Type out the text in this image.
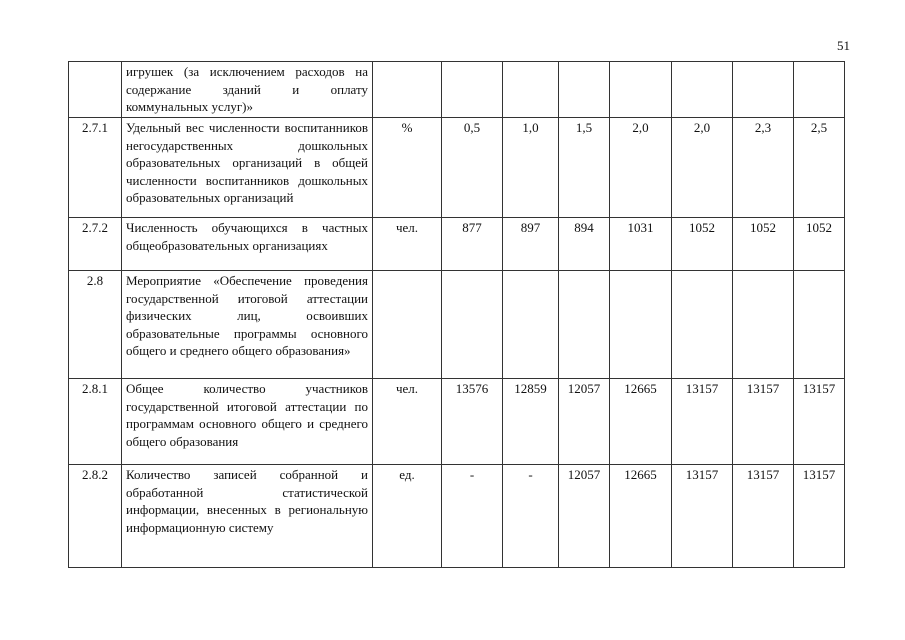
51
	игрушек (за исключением расходов на содержание зданий и оплату коммунальных услуг)»								
2.7.1	Удельный вес численности воспитанников негосударственных дошкольных образовательных организаций в общей численности воспитанников дошкольных образовательных организаций	%	0,5	1,0	1,5	2,0	2,0	2,3	2,5
2.7.2	Численность обучающихся в частных общеобразовательных организациях	чел.	877	897	894	1031	1052	1052	1052
2.8	Мероприятие «Обеспечение проведения государственной итоговой аттестации физических лиц, освоивших образовательные программы основного общего и среднего общего образования»								
2.8.1	Общее количество участников государственной итоговой аттестации по программам основного общего и среднего общего образования	чел.	13576	12859	12057	12665	13157	13157	13157
2.8.2	Количество записей собранной и обработанной статистической информации, внесенных в региональную информационную систему	ед.	-	-	12057	12665	13157	13157	13157
